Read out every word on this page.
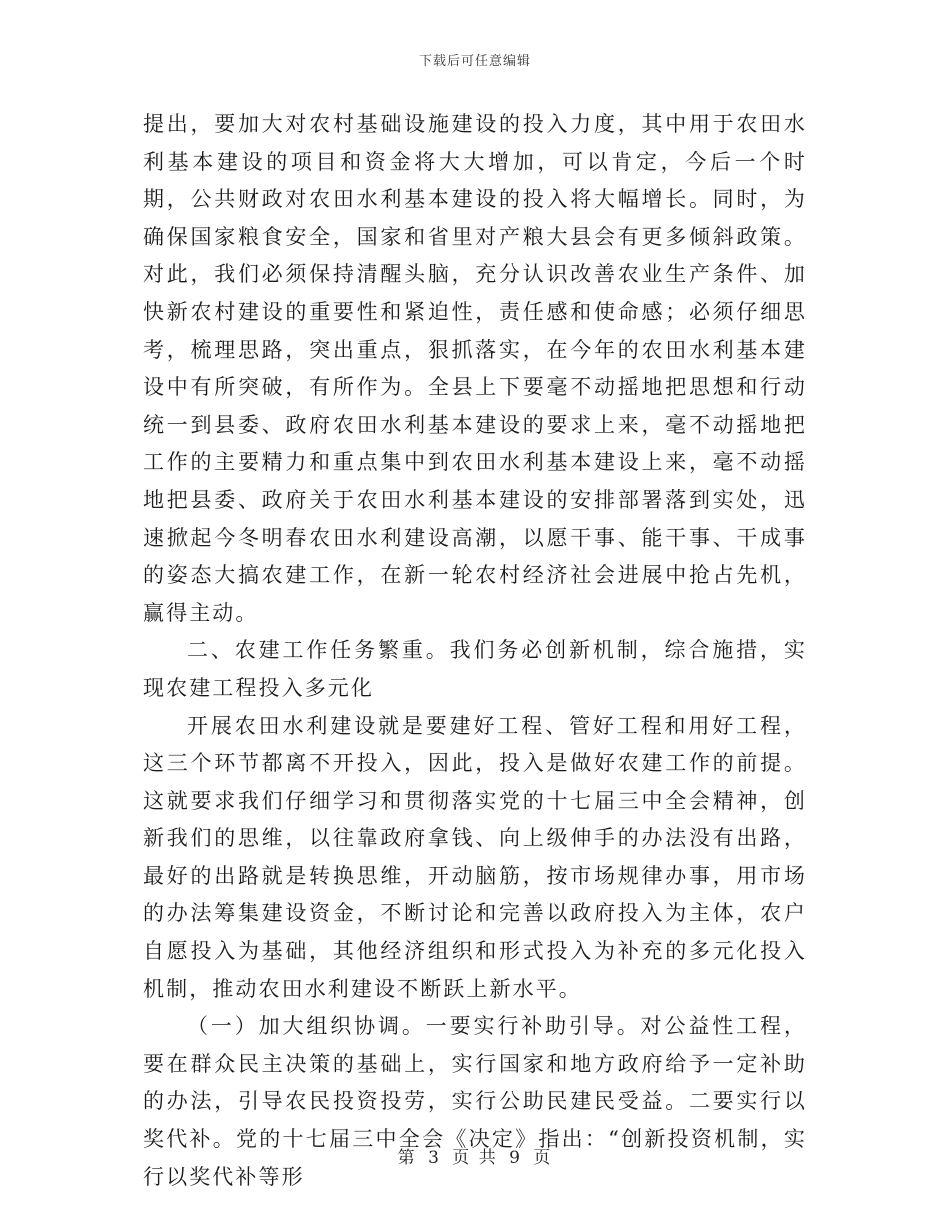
下载后可任意编辑

提出，要加大对农村基础设施建设的投入力度，其中用于农田水利基本建设的项目和资金将大大增加，可以肯定，今后一个时期，公共财政对农田水利基本建设的投入将大幅增长。同时，为确保国家粮食安全，国家和省里对产粮大县会有更多倾斜政策。对此，我们必须保持清醒头脑，充分认识改善农业生产条件、加快新农村建设的重要性和紧迫性，责任感和使命感；必须仔细思考，梳理思路，突出重点，狠抓落实，在今年的农田水利基本建设中有所突破，有所作为。全县上下要毫不动摇地把思想和行动统一到县委、政府农田水利基本建设的要求上来，毫不动摇地把工作的主要精力和重点集中到农田水利基本建设上来，毫不动摇地把县委、政府关于农田水利基本建设的安排部署落到实处，迅速掀起今冬明春农田水利建设高潮，以愿干事、能干事、干成事的姿态大搞农建工作，在新一轮农村经济社会进展中抢占先机，赢得主动。

二、农建工作任务繁重。我们务必创新机制，综合施措，实现农建工程投入多元化

开展农田水利建设就是要建好工程、管好工程和用好工程，这三个环节都离不开投入，因此，投入是做好农建工作的前提。这就要求我们仔细学习和贯彻落实党的十七届三中全会精神，创新我们的思维，以往靠政府拿钱、向上级伸手的办法没有出路，最好的出路就是转换思维，开动脑筋，按市场规律办事，用市场的办法筹集建设资金，不断讨论和完善以政府投入为主体，农户自愿投入为基础，其他经济组织和形式投入为补充的多元化投入机制，推动农田水利建设不断跃上新水平。

（一）加大组织协调。一要实行补助引导。对公益性工程，要在群众民主决策的基础上，实行国家和地方政府给予一定补助的办法，引导农民投资投劳，实行公助民建民受益。二要实行以奖代补。党的十七届三中全会《决定》指出：“创新投资机制，实行以奖代补等形

第 3 页 共 9 页
